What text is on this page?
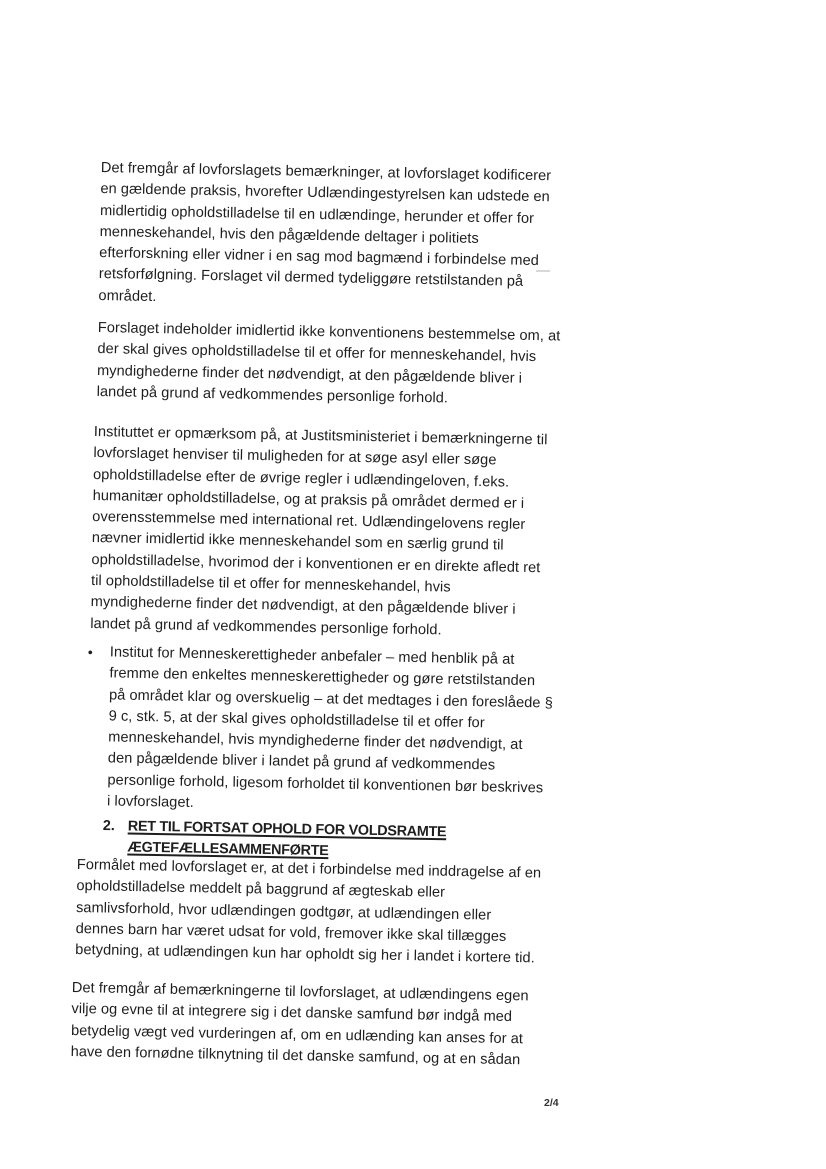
Det fremgår af lovforslagets bemærkninger, at lovforslaget kodificerer
en gældende praksis, hvorefter Udlændingestyrelsen kan udstede en
midlertidig opholdstilladelse til en udlændinge, herunder et offer for
menneskehandel, hvis den pågældende deltager i politiets
efterforskning eller vidner i en sag mod bagmænd i forbindelse med
retsforfølgning. Forslaget vil dermed tydeliggøre retstilstanden på
området.
Forslaget indeholder imidlertid ikke konventionens bestemmelse om, at
der skal gives opholdstilladelse til et offer for menneskehandel, hvis
myndighederne finder det nødvendigt, at den pågældende bliver i
landet på grund af vedkommendes personlige forhold.
Instituttet er opmærksom på, at Justitsministeriet i bemærkningerne til
lovforslaget henviser til muligheden for at søge asyl eller søge
opholdstilladelse efter de øvrige regler i udlændingeloven, f.eks.
humanitær opholdstilladelse, og at praksis på området dermed er i
overensstemmelse med international ret. Udlændingelovens regler
nævner imidlertid ikke menneskehandel som en særlig grund til
opholdstilladelse, hvorimod der i konventionen er en direkte afledt ret
til opholdstilladelse til et offer for menneskehandel, hvis
myndighederne finder det nødvendigt, at den pågældende bliver i
landet på grund af vedkommendes personlige forhold.
• Institut for Menneskerettigheder anbefaler – med henblik på at
fremme den enkeltes menneskerettigheder og gøre retstilstanden
på området klar og overskuelig – at det medtages i den foreslåede §
9 c, stk. 5, at der skal gives opholdstilladelse til et offer for
menneskehandel, hvis myndighederne finder det nødvendigt, at
den pågældende bliver i landet på grund af vedkommendes
personlige forhold, ligesom forholdet til konventionen bør beskrives
i lovforslaget.
2. RET TIL FORTSAT OPHOLD FOR VOLDSRAMTE
ÆGTEFÆLLESAMMENFØRTE
Formålet med lovforslaget er, at det i forbindelse med inddragelse af en
opholdstilladelse meddelt på baggrund af ægteskab eller
samlivsforhold, hvor udlændingen godtgør, at udlændingen eller
dennes barn har været udsat for vold, fremover ikke skal tillægges
betydning, at udlændingen kun har opholdt sig her i landet i kortere tid.
Det fremgår af bemærkningerne til lovforslaget, at udlændingens egen
vilje og evne til at integrere sig i det danske samfund bør indgå med
betydelig vægt ved vurderingen af, om en udlænding kan anses for at
have den fornødne tilknytning til det danske samfund, og at en sådan
2/4
